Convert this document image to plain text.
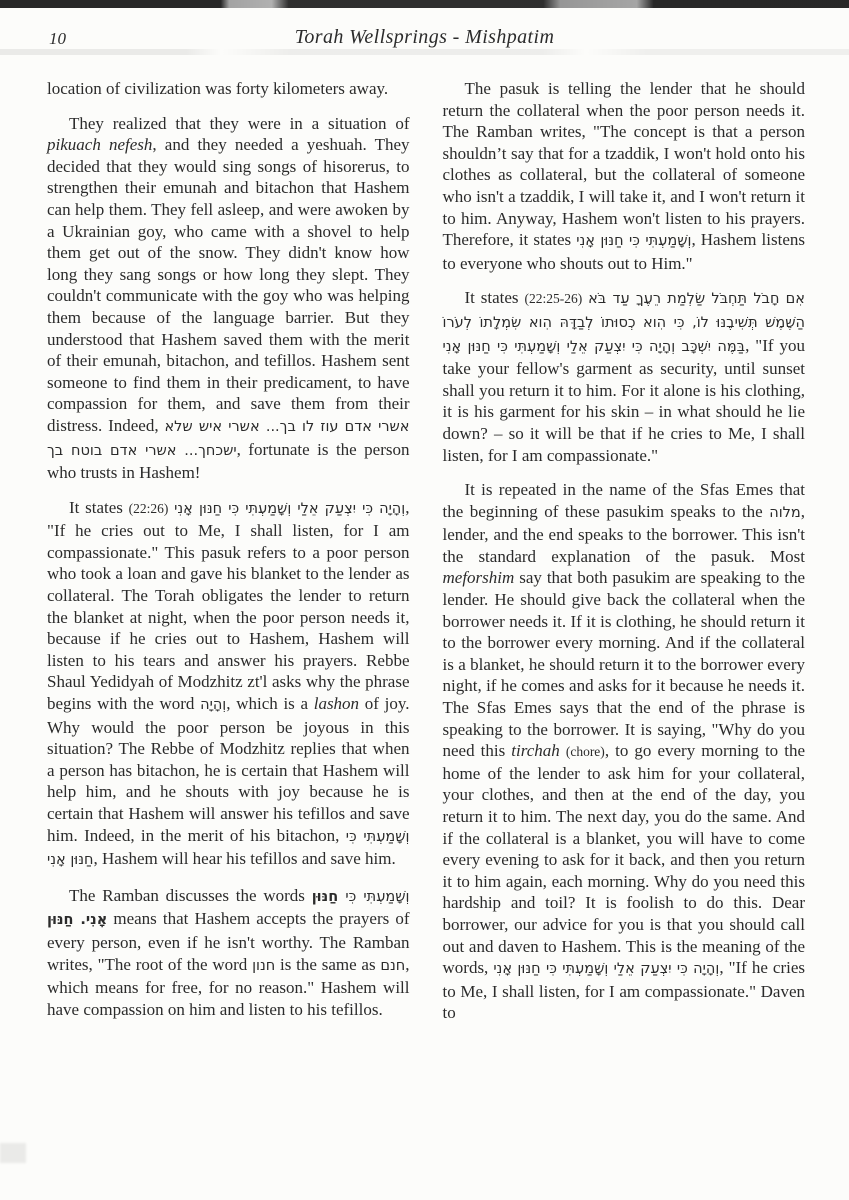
10	Torah Wellsprings - Mishpatim

location of civilization was forty kilometers away.

They realized that they were in a situation of pikuach nefesh, and they needed a yeshuah. They decided that they would sing songs of hisorerus, to strengthen their emunah and bitachon that Hashem can help them. They fell asleep, and were awoken by a Ukrainian goy, who came with a shovel to help them get out of the snow. They didn't know how long they sang songs or how long they slept. They couldn't communicate with the goy who was helping them because of the language barrier. But they understood that Hashem saved them with the merit of their emunah, bitachon, and tefillos. Hashem sent someone to find them in their predicament, to have compassion for them, and save them from their distress. Indeed, אשרי אדם עוז לו בך... אשרי איש שלא ישכחך... אשרי אדם בוטח בך, fortunate is the person who trusts in Hashem!

It states (22:26) וְהָיָה כִּי יִצְעַק אֵלַי וְשָׁמַעְתִּי כִּי חַנּוּן אָנִי, "If he cries out to Me, I shall listen, for I am compassionate." This pasuk refers to a poor person who took a loan and gave his blanket to the lender as collateral. The Torah obligates the lender to return the blanket at night, when the poor person needs it, because if he cries out to Hashem, Hashem will listen to his tears and answer his prayers. Rebbe Shaul Yedidyah of Modzhitz zt'l asks why the phrase begins with the word וְהָיָה, which is a lashon of joy. Why would the poor person be joyous in this situation? The Rebbe of Modzhitz replies that when a person has bitachon, he is certain that Hashem will help him, and he shouts with joy because he is certain that Hashem will answer his tefillos and save him. Indeed, in the merit of his bitachon, וְשָׁמַעְתִּי כִּי חַנּוּן אָנִי, Hashem will hear his tefillos and save him.

The Ramban discusses the words וְשָׁמַעְתִּי כִּי חַנּוּן אָנִי. חַנּוּן means that Hashem accepts the prayers of every person, even if he isn't worthy. The Ramban writes, "The root of the word חנון is the same as חנם, which means for free, for no reason." Hashem will have compassion on him and listen to his tefillos.

The pasuk is telling the lender that he should return the collateral when the poor person needs it. The Ramban writes, "The concept is that a person shouldn’t say that for a tzaddik, I won't hold onto his clothes as collateral, but the collateral of someone who isn't a tzaddik, I will take it, and I won't return it to him. Anyway, Hashem won't listen to his prayers. Therefore, it states וְשָׁמַעְתִּי כִּי חַנּוּן אָנִי, Hashem listens to everyone who shouts out to Him."

It states (22:25-26) אִם חָבֹל תַּחְבֹּל שַׂלְמַת רֵעֶךָ עַד בֹּא הַשֶּׁמֶשׁ תְּשִׁיבֶנּוּ לוֹ, כִּי הִוא כְסוּתוֹ לְבַדָּהּ הִוא שִׂמְלָתוֹ לְעֹרוֹ בַּמֶּה יִשְׁכָּב וְהָיָה כִּי יִצְעַק אֵלַי וְשָׁמַעְתִּי כִּי חַנּוּן אָנִי, "If you take your fellow's garment as security, until sunset shall you return it to him. For it alone is his clothing, it is his garment for his skin – in what should he lie down? – so it will be that if he cries to Me, I shall listen, for I am compassionate."

It is repeated in the name of the Sfas Emes that the beginning of these pasukim speaks to the מלוה, lender, and the end speaks to the borrower. This isn't the standard explanation of the pasuk. Most meforshim say that both pasukim are speaking to the lender. He should give back the collateral when the borrower needs it. If it is clothing, he should return it to the borrower every morning. And if the collateral is a blanket, he should return it to the borrower every night, if he comes and asks for it because he needs it. The Sfas Emes says that the end of the phrase is speaking to the borrower. It is saying, "Why do you need this tirchah (chore), to go every morning to the home of the lender to ask him for your collateral, your clothes, and then at the end of the day, you return it to him. The next day, you do the same. And if the collateral is a blanket, you will have to come every evening to ask for it back, and then you return it to him again, each morning. Why do you need this hardship and toil? It is foolish to do this. Dear borrower, our advice for you is that you should call out and daven to Hashem. This is the meaning of the words, וְהָיָה כִּי יִצְעַק אֵלַי וְשָׁמַעְתִּי כִּי חַנּוּן אָנִי, "If he cries to Me, I shall listen, for I am compassionate." Daven to
